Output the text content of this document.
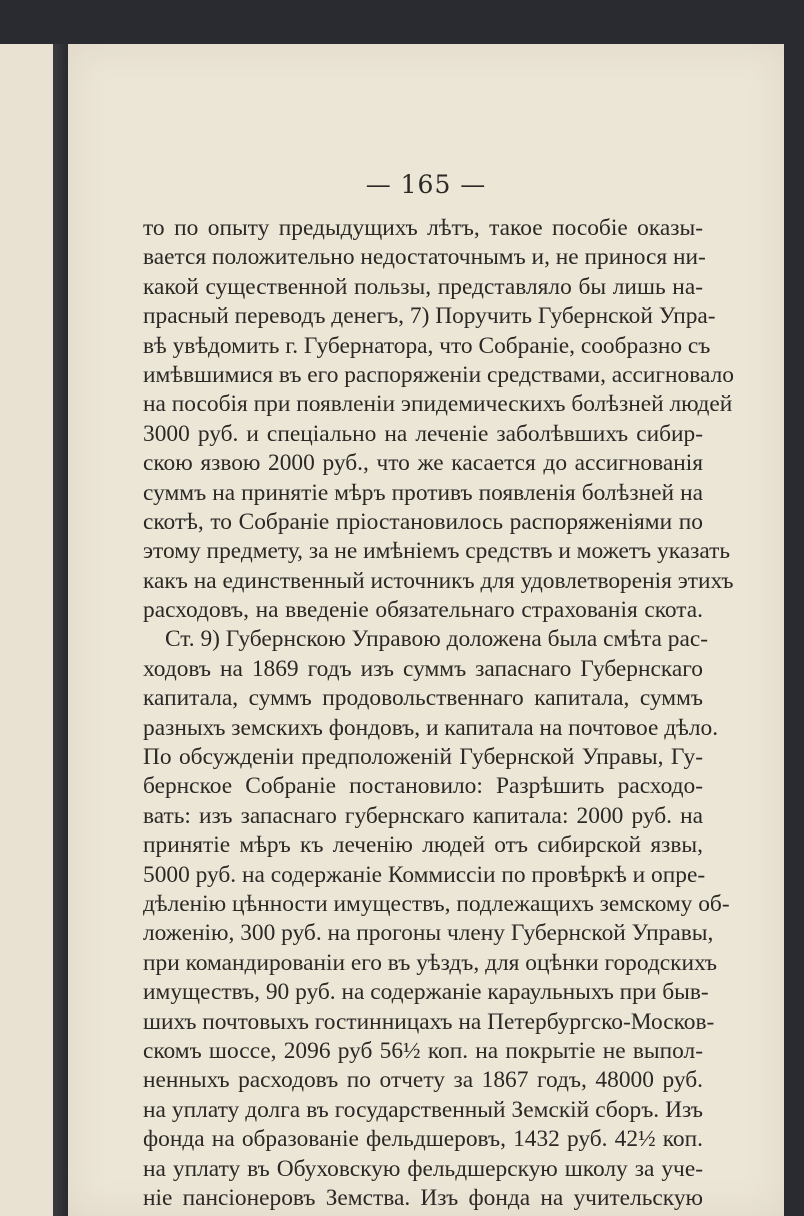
— 165 —
то по опыту предыдущихъ лѣтъ, такое пособіе оказы-
вается положительно недостаточнымъ и, не принося ни-
какой существенной пользы, представляло бы лишь на-
прасный переводъ денегъ, 7) Поручить Губернской Упра-
вѣ увѣдомить г. Губернатора, что Собраніе, сообразно съ
имѣвшимися въ его распоряженіи средствами, ассигновало
на пособія при появленіи эпидемическихъ болѣзней людей
3000 руб. и спеціально на леченіе заболѣвшихъ сибир-
скою язвою 2000 руб., что же касается до ассигнованія
суммъ на принятіе мѣръ противъ появленія болѣзней на
скотѣ, то Собраніе пріостановилось распоряженіями по
этому предмету, за не имѣніемъ средствъ и можетъ указать
какъ на единственный источникъ для удовлетворенія этихъ
расходовъ, на введеніе обязательнаго страхованія скота.
Ст. 9) Губернскою Управою доложена была смѣта рас-
ходовъ на 1869 годъ изъ суммъ запаснаго Губернскаго
капитала, суммъ продовольственнаго капитала, суммъ
разныхъ земскихъ фондовъ, и капитала на почтовое дѣло.
По обсужденіи предположеній Губернской Управы, Гу-
бернское Собраніе постановило: Разрѣшить расходо-
вать: изъ запаснаго губернскаго капитала: 2000 руб. на
принятіе мѣръ къ леченію людей отъ сибирской язвы,
5000 руб. на содержаніе Коммиссіи по провѣркѣ и опре-
дѣленію цѣнности имуществъ, подлежащихъ земскому об-
ложенію, 300 руб. на прогоны члену Губернской Управы,
при командированіи его въ уѣздъ, для оцѣнки городскихъ
имуществъ, 90 руб. на содержаніе караульныхъ при быв-
шихъ почтовыхъ гостинницахъ на Петербургско-Москов-
скомъ шоссе, 2096 руб 56½ коп. на покрытіе не выпол-
ненныхъ расходовъ по отчету за 1867 годъ, 48000 руб.
на уплату долга въ государственный Земскій сборъ. Изъ
фонда на образованіе фельдшеровъ, 1432 руб. 42½ коп.
на уплату въ Обуховскую фельдшерскую школу за уче-
ніе пансіонеровъ Земства. Изъ фонда на учительскую
